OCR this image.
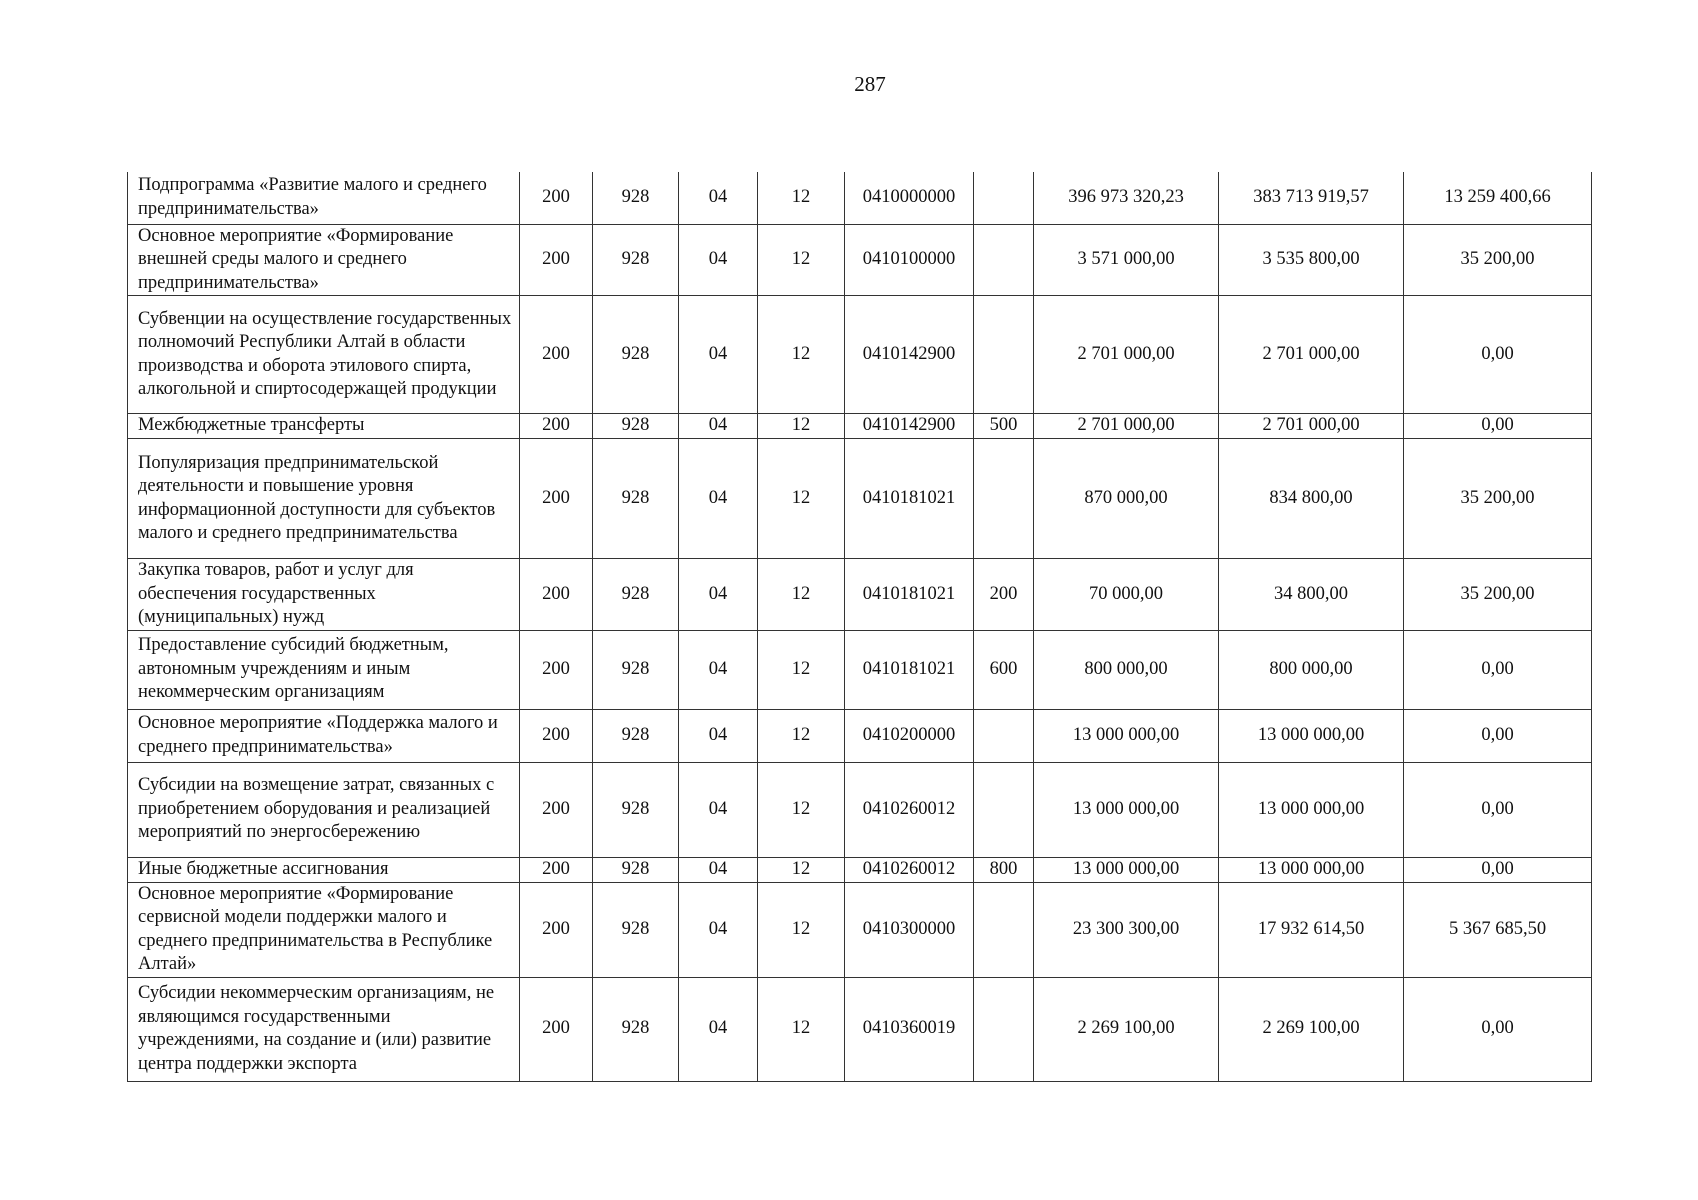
287
Подпрограмма «Развитие малого и среднего предпринимательства»	200	928	04	12	0410000000		396 973 320,23	383 713 919,57	13 259 400,66
Основное мероприятие «Формирование внешней среды малого и среднего предпринимательства»	200	928	04	12	0410100000		3 571 000,00	3 535 800,00	35 200,00
Субвенции на осуществление государственных полномочий Республики Алтай в области производства и оборота этилового спирта, алкогольной и спиртосодержащей продукции	200	928	04	12	0410142900		2 701 000,00	2 701 000,00	0,00
Межбюджетные трансферты	200	928	04	12	0410142900	500	2 701 000,00	2 701 000,00	0,00
Популяризация предпринимательской деятельности и повышение уровня информационной доступности для субъектов малого и среднего предпринимательства	200	928	04	12	0410181021		870 000,00	834 800,00	35 200,00
Закупка товаров, работ и услуг для обеспечения государственных (муниципальных) нужд	200	928	04	12	0410181021	200	70 000,00	34 800,00	35 200,00
Предоставление субсидий бюджетным, автономным учреждениям и иным некоммерческим организациям	200	928	04	12	0410181021	600	800 000,00	800 000,00	0,00
Основное мероприятие «Поддержка малого и среднего предпринимательства»	200	928	04	12	0410200000		13 000 000,00	13 000 000,00	0,00
Субсидии на возмещение затрат, связанных с приобретением оборудования и реализацией мероприятий по энергосбережению	200	928	04	12	0410260012		13 000 000,00	13 000 000,00	0,00
Иные бюджетные ассигнования	200	928	04	12	0410260012	800	13 000 000,00	13 000 000,00	0,00
Основное мероприятие «Формирование сервисной модели поддержки малого и среднего предпринимательства в Республике Алтай»	200	928	04	12	0410300000		23 300 300,00	17 932 614,50	5 367 685,50
Субсидии некоммерческим организациям, не являющимся государственными учреждениями, на создание и (или) развитие центра поддержки экспорта	200	928	04	12	0410360019		2 269 100,00	2 269 100,00	0,00
